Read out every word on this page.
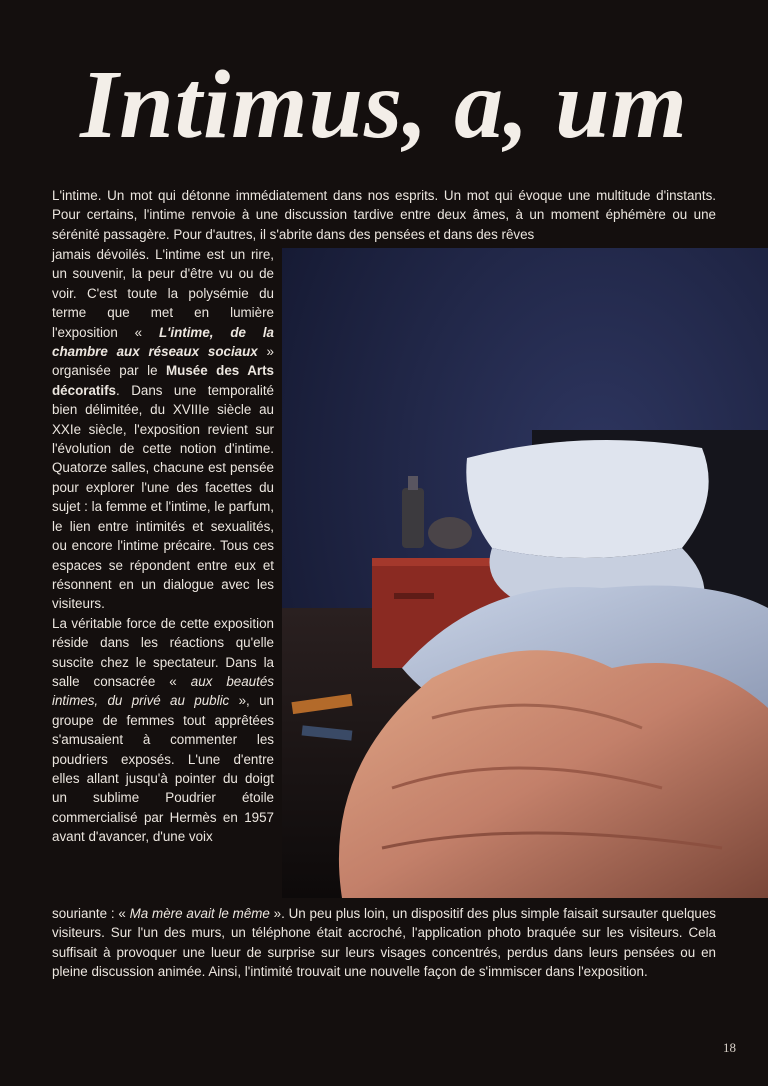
Intimus, a, um

L'intime. Un mot qui détonne immédiatement dans nos esprits. Un mot qui évoque une multitude d'instants. Pour certains, l'intime renvoie à une discussion tardive entre deux âmes, à un moment éphémère ou une sérénité passagère. Pour d'autres, il s'abrite dans des pensées et dans des rêves

jamais dévoilés. L'intime est un rire, un souvenir, la peur d'être vu ou de voir. C'est toute la polysémie du terme que met en lumière l'exposition « L'intime, de la chambre aux réseaux sociaux » organisée par le Musée des Arts décoratifs. Dans une temporalité bien délimitée, du XVIIIe siècle au XXIe siècle, l'exposition revient sur l'évolution de cette notion d'intime. Quatorze salles, chacune est pensée pour explorer l'une des facettes du sujet : la femme et l'intime, le parfum, le lien entre intimités et sexualités, ou encore l'intime précaire. Tous ces espaces se répondent entre eux et résonnent en un dialogue avec les visiteurs.
La véritable force de cette exposition réside dans les réactions qu'elle suscite chez le spectateur. Dans la salle consacrée « aux beautés intimes, du privé au public », un groupe de femmes tout apprêtées s'amusaient à commenter les poudriers exposés. L'une d'entre elles allant jusqu'à pointer du doigt un sublime Poudrier étoile commercialisé par Hermès en 1957 avant d'avancer, d'une voix

souriante : « Ma mère avait le même ». Un peu plus loin, un dispositif des plus simple faisait sursauter quelques visiteurs. Sur l'un des murs, un téléphone était accroché, l'application photo braquée sur les visiteurs. Cela suffisait à provoquer une lueur de surprise sur leurs visages concentrés, perdus dans leurs pensées ou en pleine discussion animée. Ainsi, l'intimité trouvait une nouvelle façon de s'immiscer dans l'exposition.

18
